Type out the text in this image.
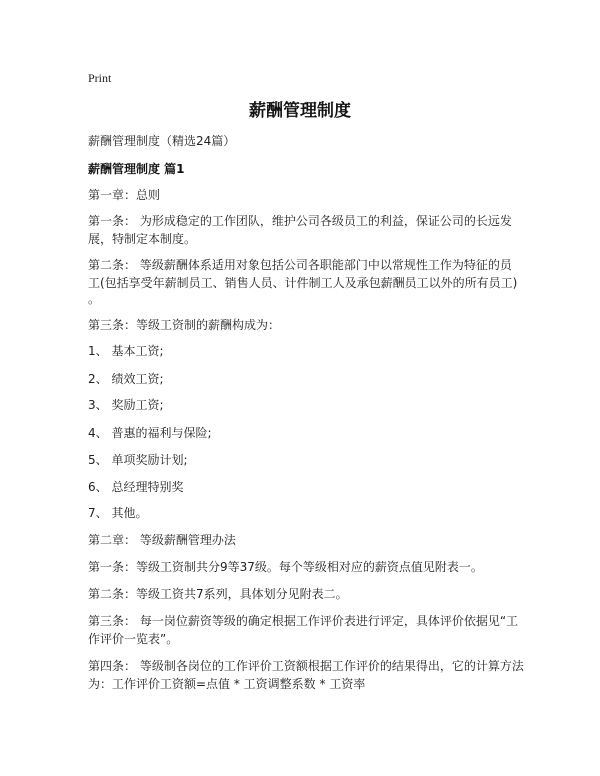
Print
薪酬管理制度
薪酬管理制度（精选24篇）
薪酬管理制度 篇1
第一章：总则
第一条： 为形成稳定的工作团队，维护公司各级员工的利益，保证公司的长远发
展，特制定本制度。
第二条： 等级薪酬体系适用对象包括公司各职能部门中以常规性工作为特征的员
工(包括享受年薪制员工、销售人员、计件制工人及承包薪酬员工以外的所有员工)
。
第三条：等级工资制的薪酬构成为：
1、 基本工资;
2、 绩效工资;
3、 奖励工资;
4、 普惠的福利与保险;
5、 单项奖励计划;
6、 总经理特别奖
7、 其他。
第二章： 等级薪酬管理办法
第一条：等级工资制共分9等37级。每个等级相对应的薪资点值见附表一。
第二条：等级工资共7系列，具体划分见附表二。
第三条： 每一岗位薪资等级的确定根据工作评价表进行评定，具体评价依据见“工
作评价一览表”。
第四条： 等级制各岗位的工作评价工资额根据工作评价的结果得出，它的计算方法
为：工作评价工资额=点值 * 工资调整系数 * 工资率
